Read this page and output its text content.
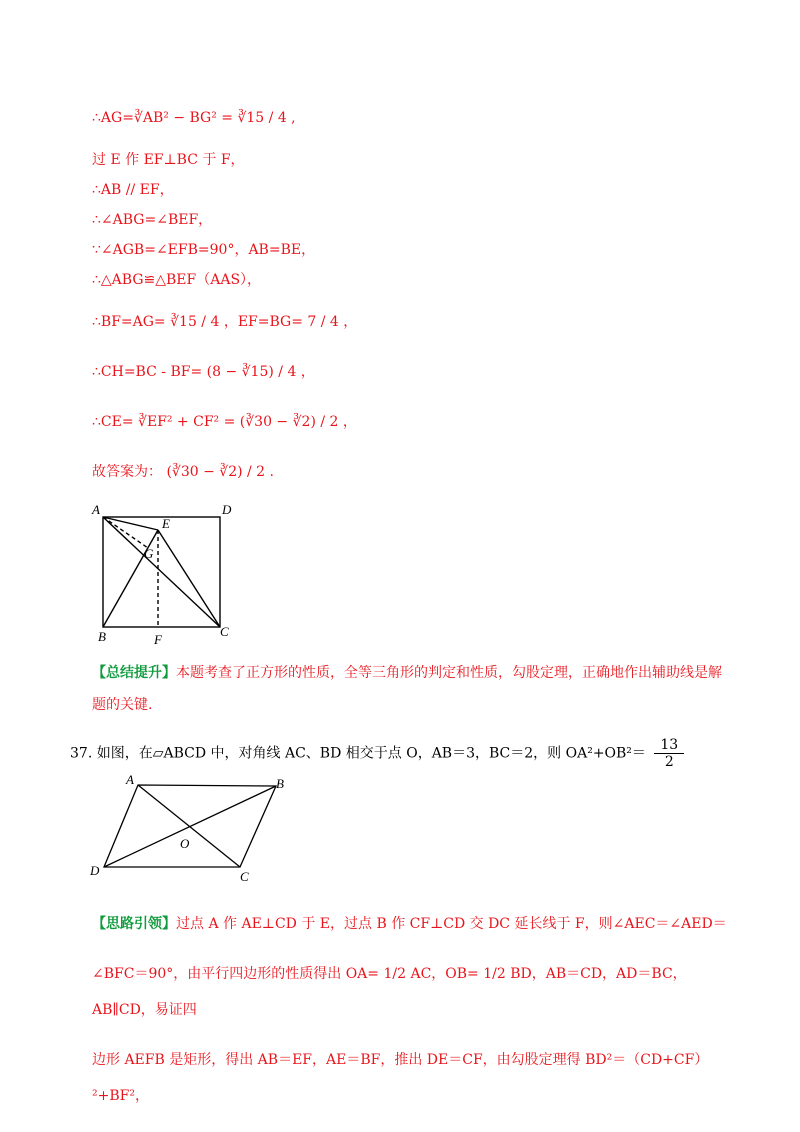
∴AG=∛AB² − BG² = ∛15 / 4 ,
过 E 作 EF⊥BC 于 F，
∴AB // EF，
∴∠ABG=∠BEF，
∵∠AGB=∠EFB=90°，AB=BE，
∴△ABG≌△BEF（AAS），
∴BF=AG= ∛15 / 4 ，EF=BG= 7 / 4 ，
∴CH=BC - BF= (8 − ∛15) / 4 ，
∴CE= ∛EF² + CF² = (∛30 − ∛2) / 2 ，
故答案为： (∛30 − ∛2) / 2 .
A	D
E
G
B	F
C
【总结提升】本题考查了正方形的性质，全等三角形的判定和性质，勾股定理，正确地作出辅助线是解
题的关键.
37. 如图，在▱ABCD 中，对角线 AC、BD 相交于点 O，AB＝3，BC＝2，则 $OA^2+OB^2= \frac{13}{2}$
A	B
O
D	C
【思路引领】过点 A 作 AE⊥CD 于 E，过点 B 作 CF⊥CD 交 DC 延长线于 F，则∠AEC＝∠AED＝
∠BFC＝90°，由平行四边形的性质得出 OA= 1/2 AC，OB= 1/2 BD，AB＝CD，AD＝BC，AB∥CD，易证四
边形 AEFB 是矩形，得出 AB＝EF，AE＝BF，推出 DE＝CF，由勾股定理得 BD²＝（CD+CF）²+BF²，
